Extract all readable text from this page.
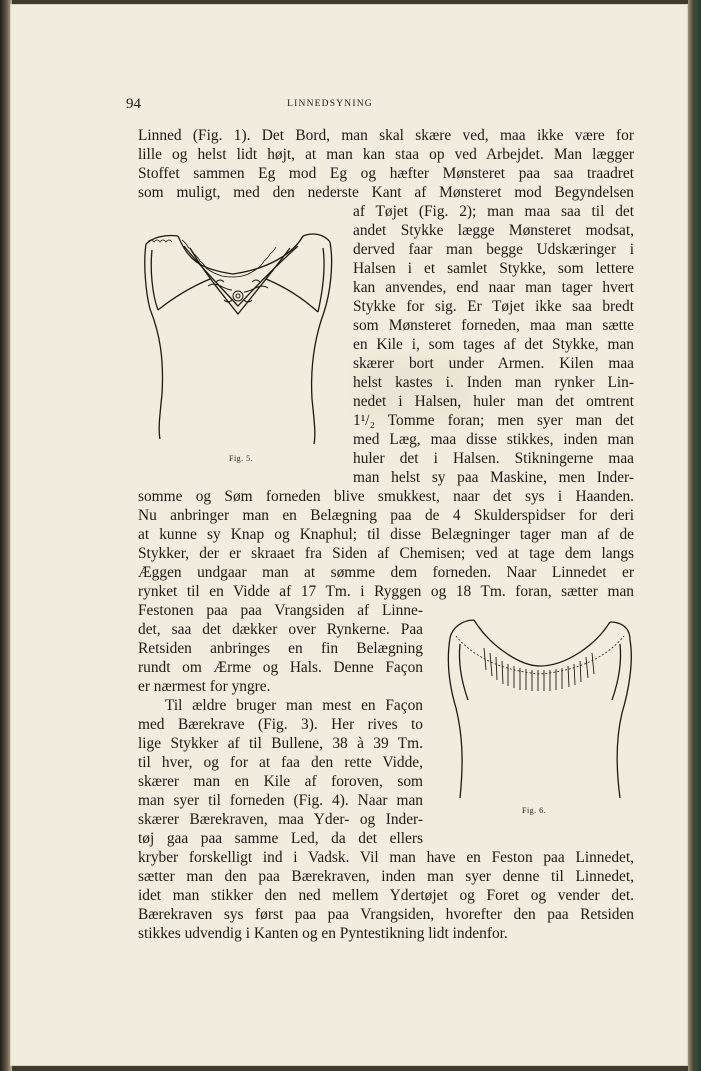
94	LINNEDSYNING
Fig. 5.
Fig. 6.
Linned (Fig. 1). Det Bord, man skal skære ved, maa ikke være for
lille og helst lidt højt, at man kan staa op ved Arbejdet. Man lægger
Stoffet sammen Eg mod Eg og hæfter Mønsteret paa saa traadret
som muligt, med den nederste Kant af Mønsteret mod Begyndelsen
af Tøjet (Fig. 2); man maa saa til det
andet Stykke lægge Mønsteret modsat,
derved faar man begge Udskæringer i
Halsen i et samlet Stykke, som lettere
kan anvendes, end naar man tager hvert
Stykke for sig. Er Tøjet ikke saa bredt
som Mønsteret forneden, maa man sætte
en Kile i, som tages af det Stykke, man
skærer bort under Armen. Kilen maa
helst kastes i. Inden man rynker Lin-
nedet i Halsen, huler man det omtrent
1¹/₂ Tomme foran; men syer man det
med Læg, maa disse stikkes, inden man
huler det i Halsen. Stikningerne maa
man helst sy paa Maskine, men Inder-
somme og Søm forneden blive smukkest, naar det sys i Haanden.
Nu anbringer man en Belægning paa de 4 Skulderspidser for deri
at kunne sy Knap og Knaphul; til disse Belægninger tager man af de
Stykker, der er skraaet fra Siden af Chemisen; ved at tage dem langs
Æggen undgaar man at sømme dem forneden. Naar Linnedet er
rynket til en Vidde af 17 Tm. i Ryggen og 18 Tm. foran, sætter man
Festonen paa paa Vrangsiden af Linne-
det, saa det dækker over Rynkerne. Paa
Retsiden anbringes en fin Belægning
rundt om Ærme og Hals. Denne Façon
er nærmest for yngre.
Til ældre bruger man mest en Façon
med Bærekrave (Fig. 3). Her rives to
lige Stykker af til Bullene, 38 à 39 Tm.
til hver, og for at faa den rette Vidde,
skærer man en Kile af foroven, som
man syer til forneden (Fig. 4). Naar man
skærer Bærekraven, maa Yder- og Inder-
tøj gaa paa samme Led, da det ellers
kryber forskelligt ind i Vadsk. Vil man have en Feston paa Linnedet,
sætter man den paa Bærekraven, inden man syer denne til Linnedet,
idet man stikker den ned mellem Ydertøjet og Foret og vender det.
Bærekraven sys først paa paa Vrangsiden, hvorefter den paa Retsiden
stikkes udvendig i Kanten og en Pyntestikning lidt indenfor.
